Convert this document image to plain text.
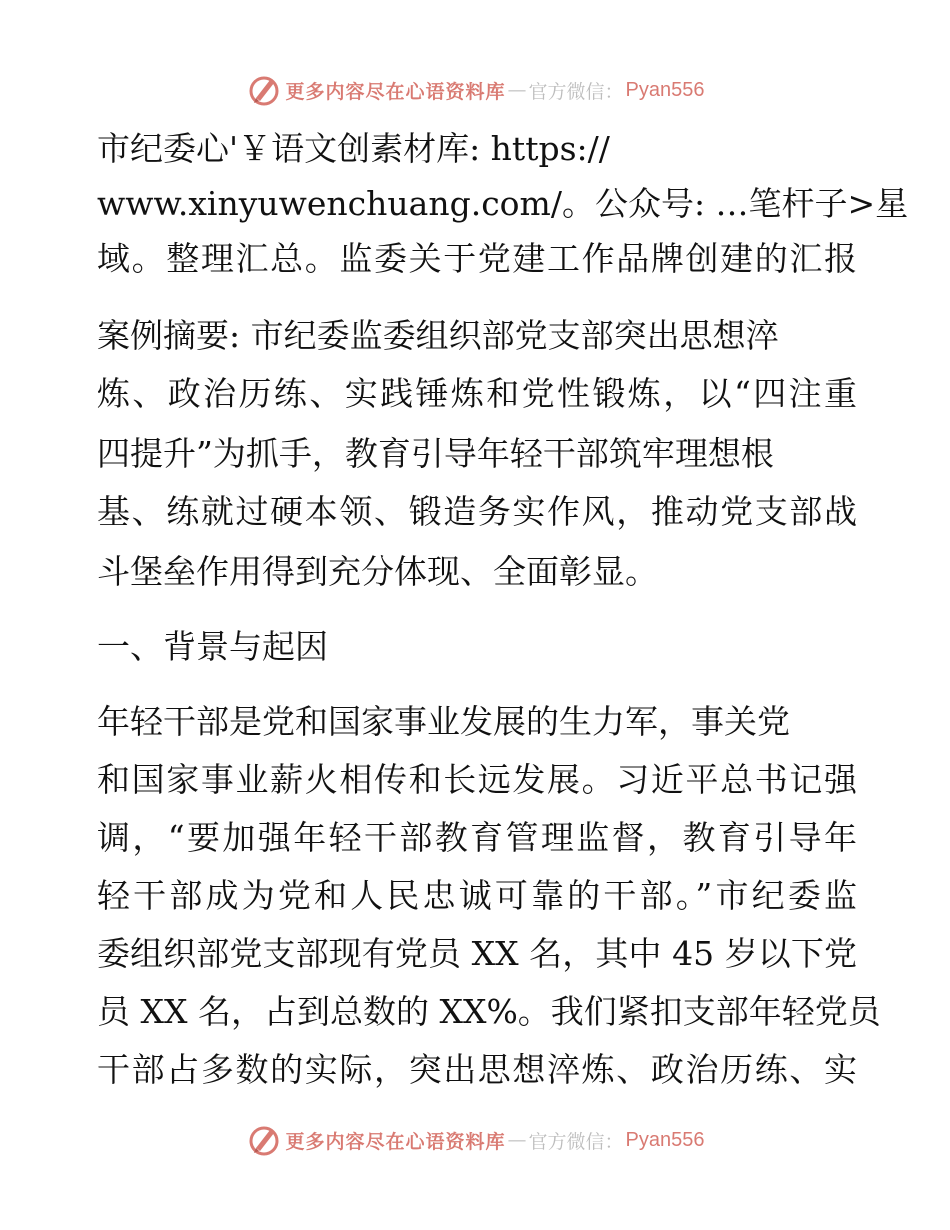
更多内容尽在心语资料库 — 官方微信： Pyan556
市纪委心'￥语文创素材库: https://
www.xinyuwenchuang.com/。公众号: …笔杆子>星
域。整理汇总。监委关于党建工作品牌创建的汇报
案例摘要: 市纪委监委组织部党支部突出思想淬
炼、政治历练、实践锤炼和党性锻炼，以“四注重
四提升”为抓手，教育引导年轻干部筑牢理想根
基、练就过硬本领、锻造务实作风，推动党支部战
斗堡垒作用得到充分体现、全面彰显。
一、背景与起因
年轻干部是党和国家事业发展的生力军，事关党
和国家事业薪火相传和长远发展。习近平总书记强
调，“要加强年轻干部教育管理监督，教育引导年
轻干部成为党和人民忠诚可靠的干部。”市纪委监
委组织部党支部现有党员 XX 名，其中 45 岁以下党
员 XX 名，占到总数的 XX%。我们紧扣支部年轻党员
干部占多数的实际，突出思想淬炼、政治历练、实
更多内容尽在心语资料库 — 官方微信： Pyan556
